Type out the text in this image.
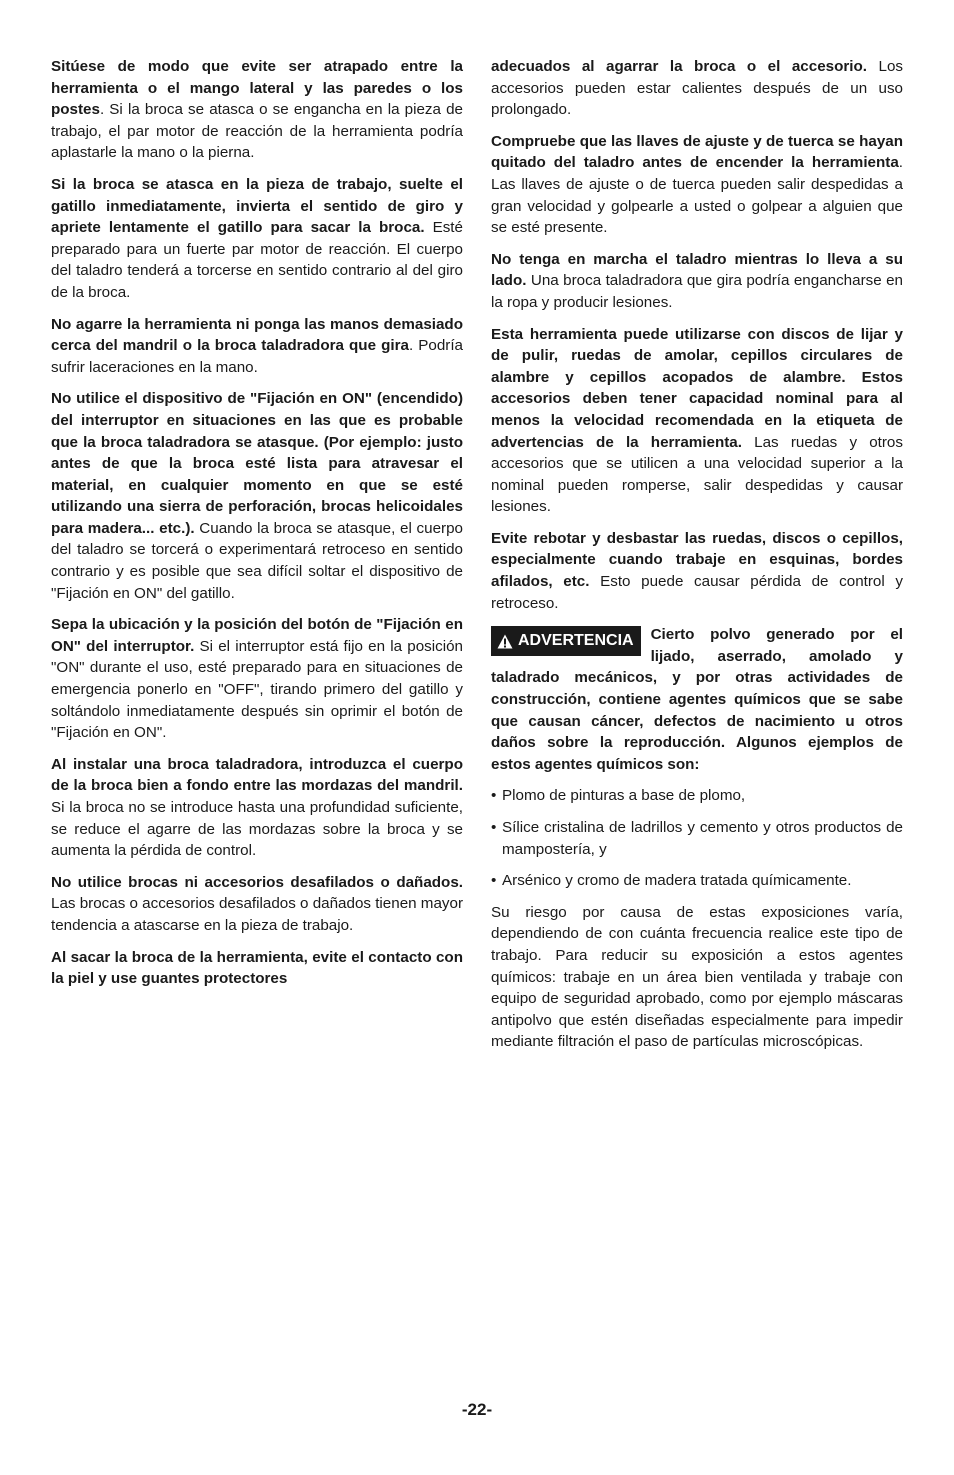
Sitúese de modo que evite ser atrapado entre la herramienta o el mango lateral y las paredes o los postes. Si la broca se atasca o se engancha en la pieza de trabajo, el par motor de reacción de la herramienta podría aplastarle la mano o la pierna.

Si la broca se atasca en la pieza de trabajo, suelte el gatillo inmediatamente, invierta el sentido de giro y apriete lentamente el gatillo para sacar la broca. Esté preparado para un fuerte par motor de reacción. El cuerpo del taladro tenderá a torcerse en sentido contrario al del giro de la broca.

No agarre la herramienta ni ponga las manos demasiado cerca del mandril o la broca taladradora que gira. Podría sufrir laceraciones en la mano.

No utilice el dispositivo de "Fijación en ON" (encendido) del interruptor en situaciones en las que es probable que la broca taladradora se atasque. (Por ejemplo: justo antes de que la broca esté lista para atravesar el material, en cualquier momento en que se esté utilizando una sierra de perforación, brocas helicoidales para madera... etc.). Cuando la broca se atasque, el cuerpo del taladro se torcerá o experimentará retroceso en sentido contrario y es posible que sea difícil soltar el dispositivo de "Fijación en ON" del gatillo.

Sepa la ubicación y la posición del botón de "Fijación en ON" del interruptor. Si el interruptor está fijo en la posición "ON" durante el uso, esté preparado para en situaciones de emergencia ponerlo en "OFF", tirando primero del gatillo y soltándolo inmediatamente después sin oprimir el botón de "Fijación en ON".

Al instalar una broca taladradora, introduzca el cuerpo de la broca bien a fondo entre las mordazas del mandril. Si la broca no se introduce hasta una profundidad suficiente, se reduce el agarre de las mordazas sobre la broca y se aumenta la pérdida de control.

No utilice brocas ni accesorios desafilados o dañados. Las brocas o accesorios desafilados o dañados tienen mayor tendencia a atascarse en la pieza de trabajo.

Al sacar la broca de la herramienta, evite el contacto con la piel y use guantes protectores

adecuados al agarrar la broca o el accesorio. Los accesorios pueden estar calientes después de un uso prolongado.

Compruebe que las llaves de ajuste y de tuerca se hayan quitado del taladro antes de encender la herramienta. Las llaves de ajuste o de tuerca pueden salir despedidas a gran velocidad y golpearle a usted o golpear a alguien que se esté presente.

No tenga en marcha el taladro mientras lo lleva a su lado. Una broca taladradora que gira podría engancharse en la ropa y producir lesiones.

Esta herramienta puede utilizarse con discos de lijar y de pulir, ruedas de amolar, cepillos circulares de alambre y cepillos acopados de alambre. Estos accesorios deben tener capacidad nominal para al menos la velocidad recomendada en la etiqueta de advertencias de la herramienta. Las ruedas y otros accesorios que se utilicen a una velocidad superior a la nominal pueden romperse, salir despedidas y causar lesiones.

Evite rebotar y desbastar las ruedas, discos o cepillos, especialmente cuando trabaje en esquinas, bordes afilados, etc. Esto puede causar pérdida de control y retroceso.

ADVERTENCIA Cierto polvo generado por el lijado, aserrado, amolado y taladrado mecánicos, y por otras actividades de construcción, contiene agentes químicos que se sabe que causan cáncer, defectos de nacimiento u otros daños sobre la reproducción. Algunos ejemplos de estos agentes químicos son:

• Plomo de pinturas a base de plomo,

• Sílice cristalina de ladrillos y cemento y otros productos de mampostería, y

• Arsénico y cromo de madera tratada químicamente.

Su riesgo por causa de estas exposiciones varía, dependiendo de con cuánta frecuencia realice este tipo de trabajo. Para reducir su exposición a estos agentes químicos: trabaje en un área bien ventilada y trabaje con equipo de seguridad aprobado, como por ejemplo máscaras antipolvo que estén diseñadas especialmente para impedir mediante filtración el paso de partículas microscópicas.

-22-
